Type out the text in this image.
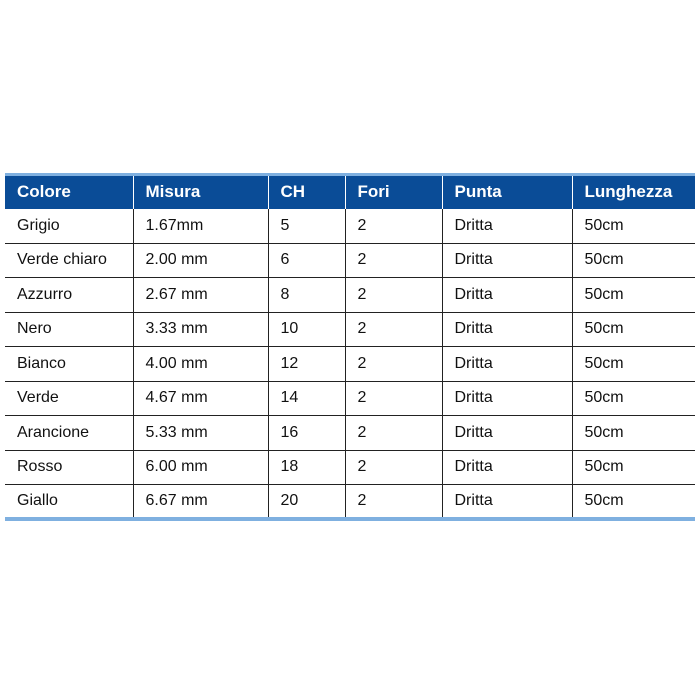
Colore	Misura	CH	Fori	Punta	Lunghezza
Grigio	1.67mm	5	2	Dritta	50cm
Verde chiaro	2.00 mm	6	2	Dritta	50cm
Azzurro	2.67 mm	8	2	Dritta	50cm
Nero	3.33 mm	10	2	Dritta	50cm
Bianco	4.00 mm	12	2	Dritta	50cm
Verde	4.67 mm	14	2	Dritta	50cm
Arancione	5.33 mm	16	2	Dritta	50cm
Rosso	6.00 mm	18	2	Dritta	50cm
Giallo	6.67 mm	20	2	Dritta	50cm
